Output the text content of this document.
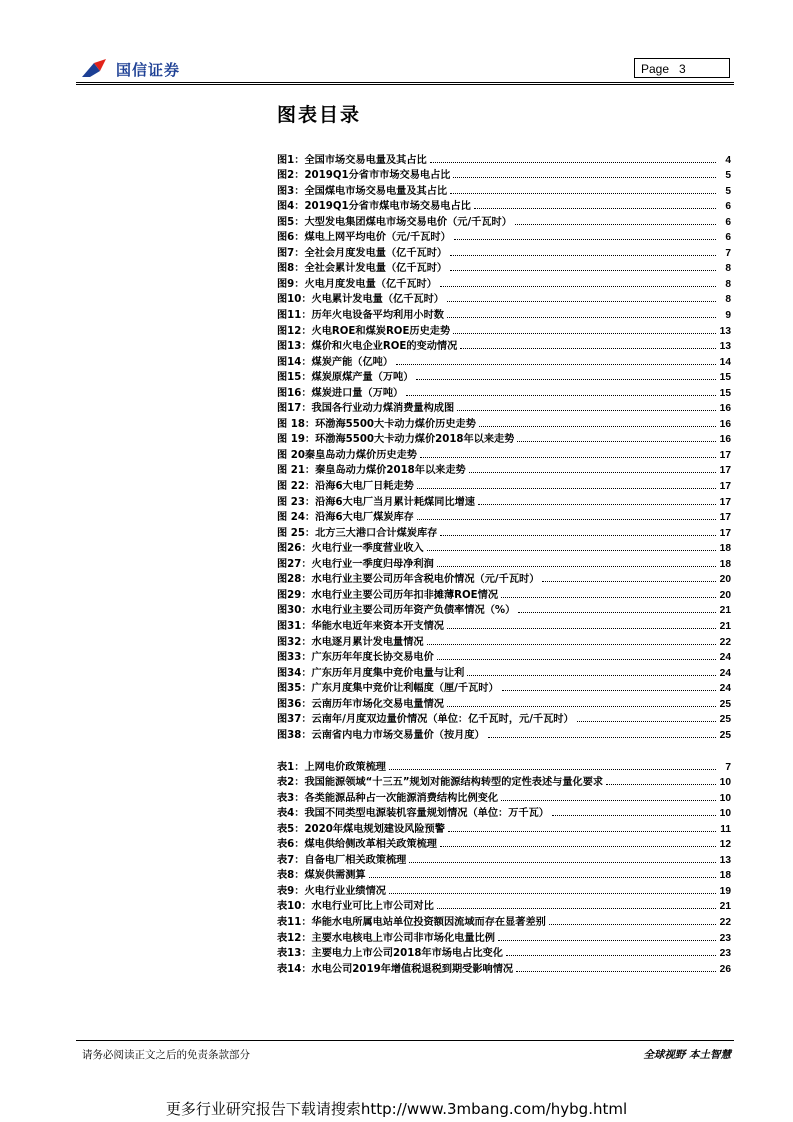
国信证券	Page 3
图表目录
图1：全国市场交易电量及其占比	4
图2：2019Q1分省市市场交易电占比	5
图3：全国煤电市场交易电量及其占比	5
图4：2019Q1分省市煤电市场交易电占比	6
图5：大型发电集团煤电市场交易电价（元/千瓦时）	6
图6：煤电上网平均电价（元/千瓦时）	6
图7：全社会月度发电量（亿千瓦时）	7
图8：全社会累计发电量（亿千瓦时）	8
图9：火电月度发电量（亿千瓦时）	8
图10：火电累计发电量（亿千瓦时）	8
图11：历年火电设备平均利用小时数	9
图12：火电ROE和煤炭ROE历史走势	13
图13：煤价和火电企业ROE的变动情况	13
图14：煤炭产能（亿吨）	14
图15：煤炭原煤产量（万吨）	15
图16：煤炭进口量（万吨）	15
图17：我国各行业动力煤消费量构成图	16
图 18：环渤海5500大卡动力煤价历史走势	16
图 19：环渤海5500大卡动力煤价2018年以来走势	16
图 20秦皇岛动力煤价历史走势	17
图 21：秦皇岛动力煤价2018年以来走势	17
图 22：沿海6大电厂日耗走势	17
图 23：沿海6大电厂当月累计耗煤同比增速	17
图 24：沿海6大电厂煤炭库存	17
图 25：北方三大港口合计煤炭库存	17
图26：火电行业一季度营业收入	18
图27：火电行业一季度归母净利润	18
图28：水电行业主要公司历年含税电价情况（元/千瓦时）	20
图29：水电行业主要公司历年扣非摊薄ROE情况	20
图30：水电行业主要公司历年资产负债率情况（%）	21
图31：华能水电近年来资本开支情况	21
图32：水电逐月累计发电量情况	22
图33：广东历年年度长协交易电价	24
图34：广东历年月度集中竞价电量与让利	24
图35：广东月度集中竞价让利幅度（厘/千瓦时）	24
图36：云南历年市场化交易电量情况	25
图37：云南年/月度双边量价情况（单位：亿千瓦时，元/千瓦时）	25
图38：云南省内电力市场交易量价（按月度）	25
表1：上网电价政策梳理	7
表2：我国能源领域“十三五”规划对能源结构转型的定性表述与量化要求	10
表3：各类能源品种占一次能源消费结构比例变化	10
表4：我国不同类型电源装机容量规划情况（单位：万千瓦）	10
表5：2020年煤电规划建设风险预警	11
表6：煤电供给侧改革相关政策梳理	12
表7：自备电厂相关政策梳理	13
表8：煤炭供需测算	18
表9：火电行业业绩情况	19
表10：水电行业可比上市公司对比	21
表11：华能水电所属电站单位投资额因流域而存在显著差别	22
表12：主要水电核电上市公司非市场化电量比例	23
表13：主要电力上市公司2018年市场电占比变化	23
表14：水电公司2019年增值税退税到期受影响情况	26
请务必阅读正文之后的免责条款部分	全球视野 本土智慧
更多行业研究报告下载请搜索http://www.3mbang.com/hybg.html
